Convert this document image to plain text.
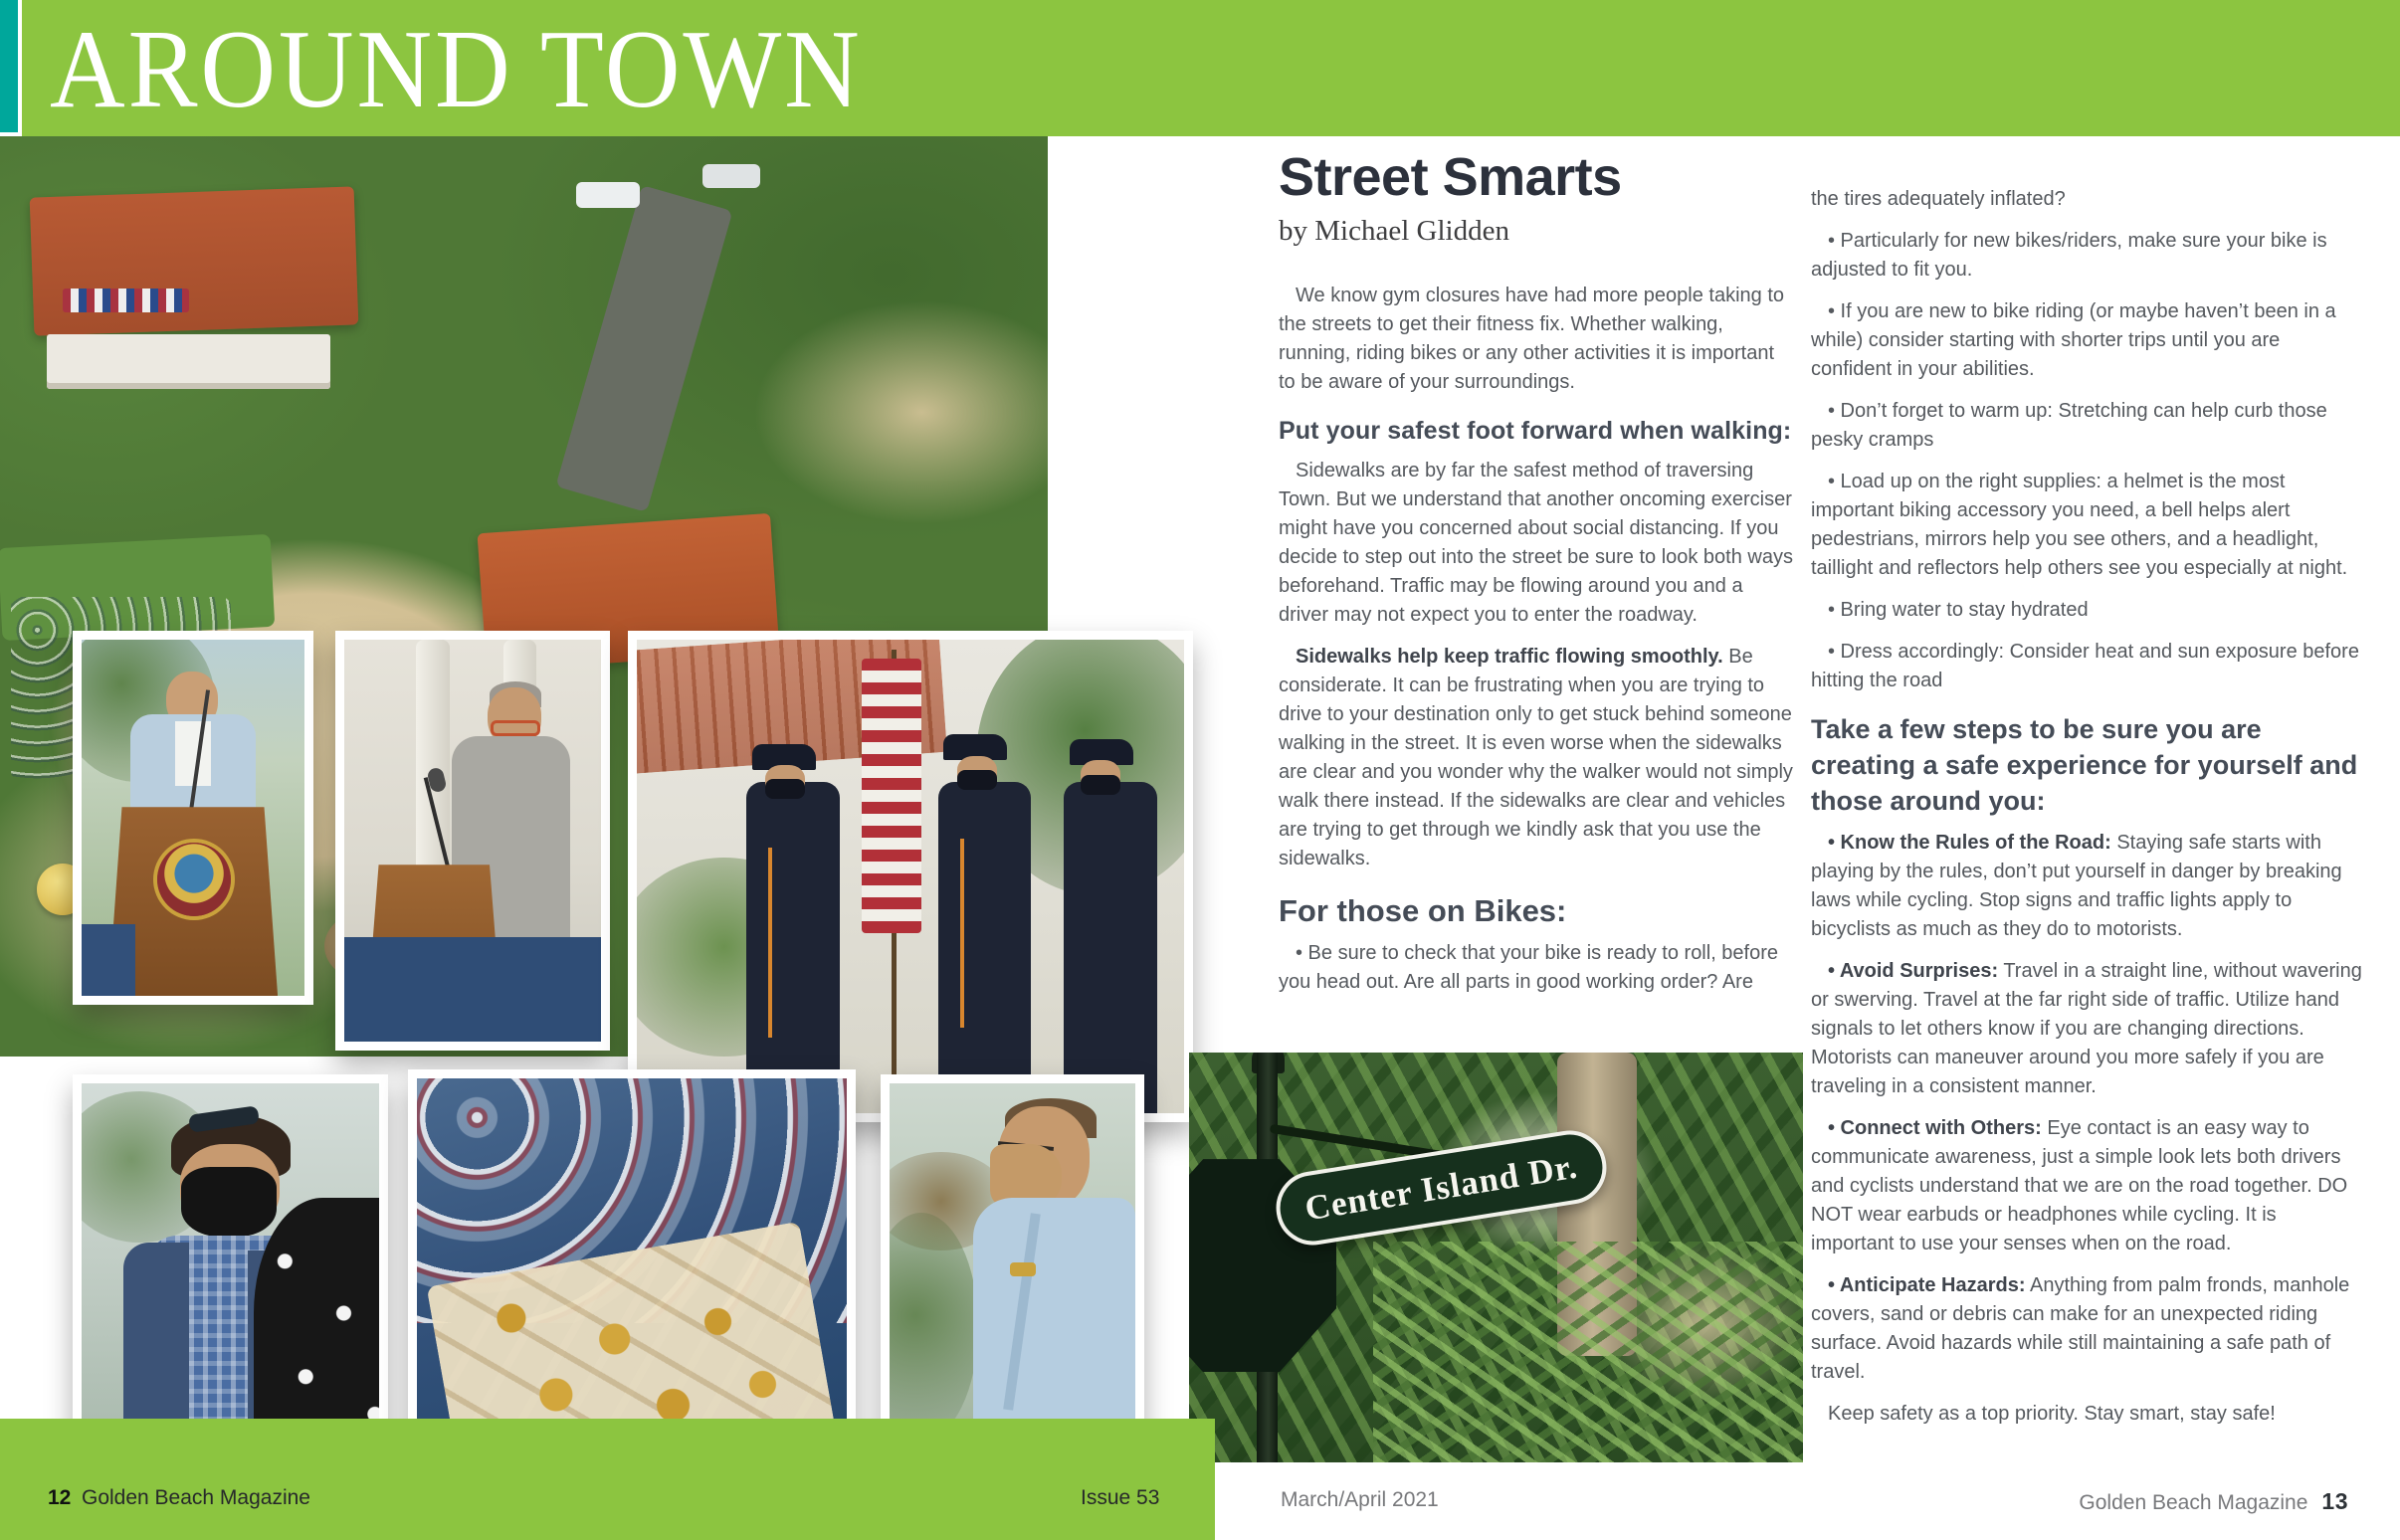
AROUND TOWN
Street Smarts

by Michael Glidden

We know gym closures have had more people taking to the streets to get their fitness fix. Whether walking, running, riding bikes or any other activities it is important to be aware of your surroundings.

Put your safest foot forward when walking:

Sidewalks are by far the safest method of traversing Town. But we understand that another oncoming exerciser might have you concerned about social distancing. If you decide to step out into the street be sure to look both ways beforehand. Traffic may be flowing around you and a driver may not expect you to enter the roadway.

Sidewalks help keep traffic flowing smoothly. Be considerate. It can be frustrating when you are trying to drive to your destination only to get stuck behind someone walking in the street. It is even worse when the sidewalks are clear and you wonder why the walker would not simply walk there instead. If the sidewalks are clear and vehicles are trying to get through we kindly ask that you use the sidewalks.

For those on Bikes:

• Be sure to check that your bike is ready to roll, before you head out. Are all parts in good working order? Are

the tires adequately inflated?

• Particularly for new bikes/riders, make sure your bike is adjusted to fit you.

• If you are new to bike riding (or maybe haven’t been in a while) consider starting with shorter trips until you are confident in your abilities.

• Don’t forget to warm up: Stretching can help curb those pesky cramps

• Load up on the right supplies: a helmet is the most important biking accessory you need, a bell helps alert pedestrians, mirrors help you see others, and a headlight, taillight and reflectors help others see you especially at night.

• Bring water to stay hydrated

• Dress accordingly: Consider heat and sun exposure before hitting the road

Take a few steps to be sure you are creating a safe experience for yourself and those around you:

• Know the Rules of the Road: Staying safe starts with playing by the rules, don’t put yourself in danger by breaking laws while cycling. Stop signs and traffic lights apply to bicyclists as much as they do to motorists.

• Avoid Surprises: Travel in a straight line, without wavering or swerving. Travel at the far right side of traffic. Utilize hand signals to let others know if you are changing directions. Motorists can maneuver around you more safely if you are traveling in a consistent manner.

• Connect with Others: Eye contact is an easy way to communicate awareness, just a simple look lets both drivers and cyclists understand that we are on the road together. DO NOT wear earbuds or headphones while cycling. It is important to use your senses when on the road.

• Anticipate Hazards: Anything from palm fronds, manhole covers, sand or debris can make for an unexpected riding surface. Avoid hazards while still maintaining a safe path of travel.

Keep safety as a top priority. Stay smart, stay safe!

Center Island Dr.
12 Golden Beach Magazine	Issue 53	March/April 2021	Golden Beach Magazine 13
